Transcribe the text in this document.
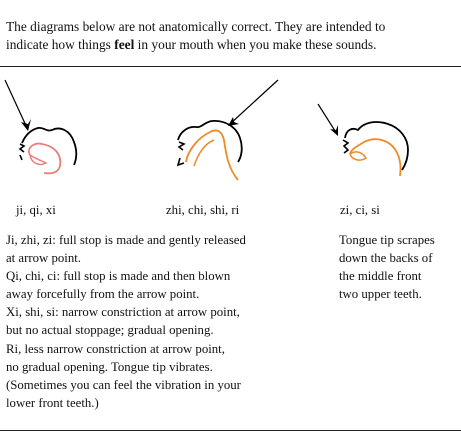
The diagrams below are not anatomically correct. They are intended to
indicate how things feel in your mouth when you make these sounds.
ji, qi, xi	zhi, chi, shi, ri	zi, ci, si
Ji, zhi, zi: full stop is made and gently released
at arrow point.
Qi, chi, ci: full stop is made and then blown
away forcefully from the arrow point.
Xi, shi, si: narrow constriction at arrow point,
but no actual stoppage; gradual opening.
Ri, less narrow constriction at arrow point,
no gradual opening. Tongue tip vibrates.
(Sometimes you can feel the vibration in your
lower front teeth.)
Tongue tip scrapes
down the backs of
the middle front
two upper teeth.
